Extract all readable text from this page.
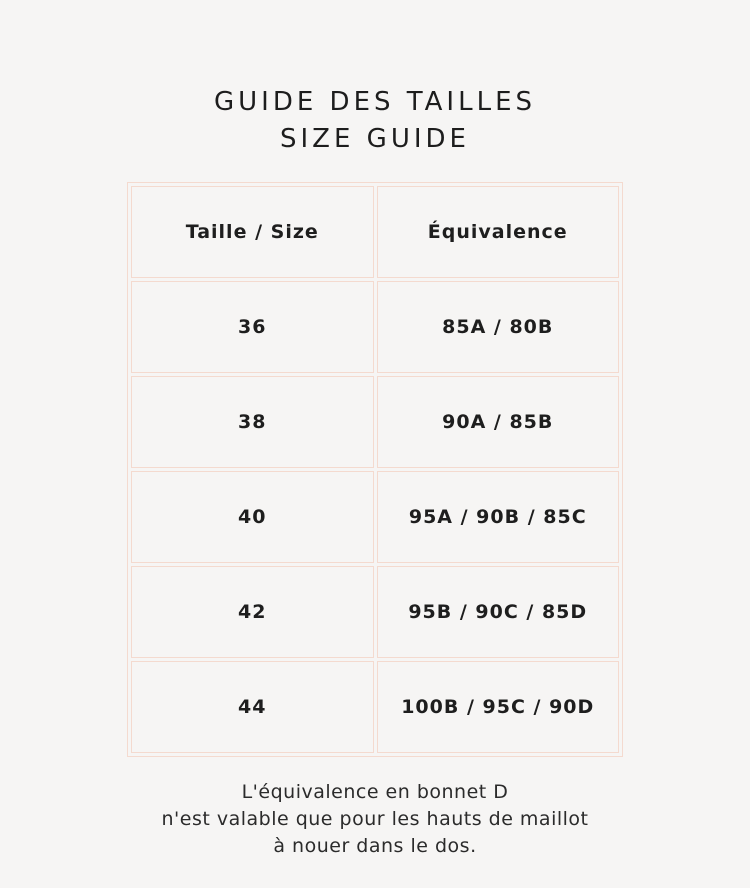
GUIDE DES TAILLES
SIZE GUIDE
Taille / Size	Équivalence
36	85A / 80B
38	90A / 85B
40	95A / 90B / 85C
42	95B / 90C / 85D
44	100B / 95C / 90D

L'équivalence en bonnet D
n'est valable que pour les hauts de maillot
à nouer dans le dos.
